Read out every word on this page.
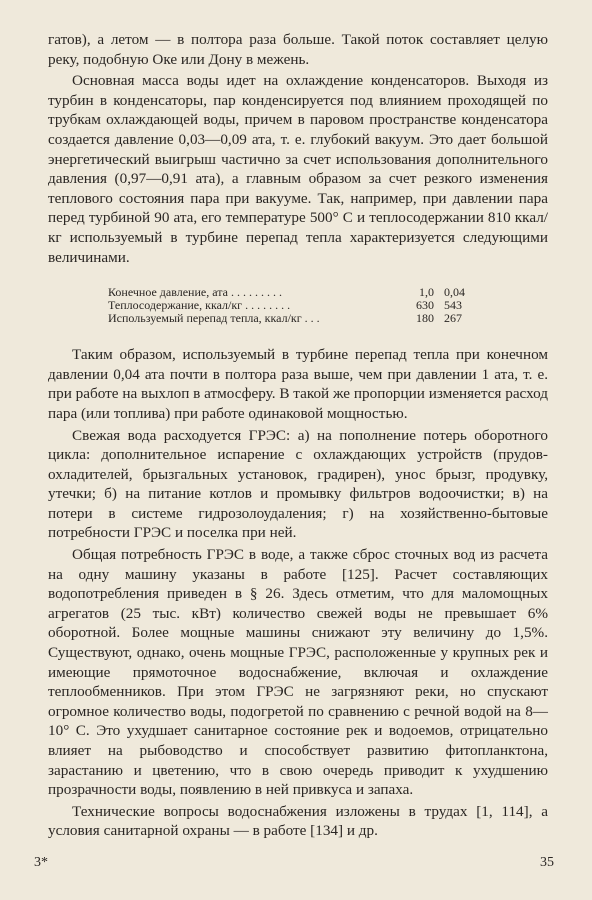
гатов), а летом — в полтора раза больше. Такой поток составляет целую реку, подобную Оке или Дону в межень.

Основная масса воды идет на охлаждение конденсаторов. Выходя из турбин в конденсаторы, пар конденсируется под влиянием проходящей по трубкам охлаждающей воды, причем в паровом пространстве конденсатора создается давление 0,03—0,09 ата, т. е. глубокий вакуум. Это дает большой энергетический выигрыш частично за счет использования дополнительного давления (0,97—0,91 ата), а главным образом за счет резкого изменения теплового состояния пара при вакууме. Так, например, при давлении пара перед турбиной 90 ата, его температуре 500° С и теплосодержании 810 ккал/кг используемый в турбине перепад тепла характеризуется следующими величинами.

Конечное давление, ата . . . . . . . . .	1,0	0,04
Теплосодержание, ккал/кг . . . . . . . .	630	543
Используемый перепад тепла, ккал/кг . . .	180	267

Таким образом, используемый в турбине перепад тепла при конечном давлении 0,04 ата почти в полтора раза выше, чем при давлении 1 ата, т. е. при работе на выхлоп в атмосферу. В такой же пропорции изменяется расход пара (или топлива) при работе одинаковой мощностью.

Свежая вода расходуется ГРЭС: а) на пополнение потерь оборотного цикла: дополнительное испарение с охлаждающих устройств (прудов-охладителей, брызгальных установок, градирен), унос брызг, продувку, утечки; б) на питание котлов и промывку фильтров водоочистки; в) на потери в системе гидрозолоудаления; г) на хозяйственно-бытовые потребности ГРЭС и поселка при ней.

Общая потребность ГРЭС в воде, а также сброс сточных вод из расчета на одну машину указаны в работе [125]. Расчет составляющих водопотребления приведен в § 26. Здесь отметим, что для маломощных агрегатов (25 тыс. кВт) количество свежей воды не превышает 6% оборотной. Более мощные машины снижают эту величину до 1,5%. Существуют, однако, очень мощные ГРЭС, расположенные у крупных рек и имеющие прямоточное водоснабжение, включая и охлаждение теплообменников. При этом ГРЭС не загрязняют реки, но спускают огромное количество воды, подогретой по сравнению с речной водой на 8—10° С. Это ухудшает санитарное состояние рек и водоемов, отрицательно влияет на рыбоводство и способствует развитию фитопланктона, зарастанию и цветению, что в свою очередь приводит к ухудшению прозрачности воды, появлению в ней привкуса и запаха.

Технические вопросы водоснабжения изложены в трудах [1, 114], а условия санитарной охраны — в работе [134] и др.

3*	35
